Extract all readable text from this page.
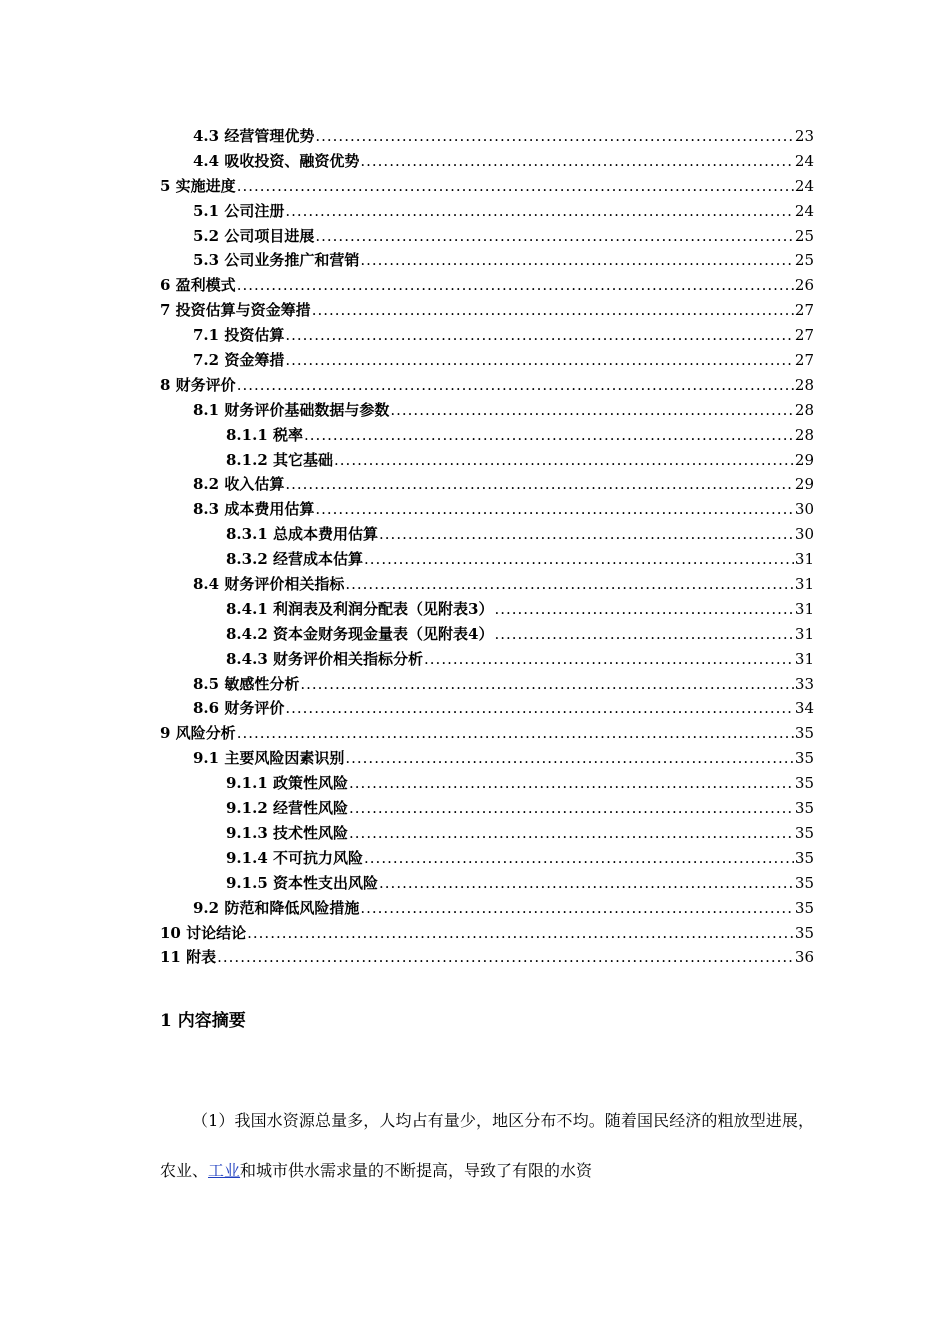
4.3 经营管理优势 .....	23
4.4 吸收投资、融资优势 .....	24
5 实施进度 .....	24
5.1 公司注册 .....	24
5.2 公司项目进展 .....	25
5.3 公司业务推广和营销 .....	25
6 盈利模式 .....	26
7 投资估算与资金筹措 .....	27
7.1 投资估算 .....	27
7.2 资金筹措 .....	27
8 财务评价 .....	28
8.1 财务评价基础数据与参数 .....	28
8.1.1 税率 .....	28
8.1.2 其它基础 .....	29
8.2 收入估算 .....	29
8.3 成本费用估算 .....	30
8.3.1 总成本费用估算 .....	30
8.3.2 经营成本估算 .....	31
8.4 财务评价相关指标 .....	31
8.4.1 利润表及利润分配表（见附表3） .....	31
8.4.2 资本金财务现金量表（见附表4） .....	31
8.4.3 财务评价相关指标分析 .....	31
8.5 敏感性分析 .....	33
8.6 财务评价 .....	34
9 风险分析 .....	35
9.1 主要风险因素识别 .....	35
9.1.1 政策性风险 .....	35
9.1.2 经营性风险 .....	35
9.1.3 技术性风险 .....	35
9.1.4 不可抗力风险 .....	35
9.1.5 资本性支出风险 .....	35
9.2 防范和降低风险措施 .....	35
10 讨论结论 .....	35
11 附表 .....	36
1 内容摘要

（1）我国水资源总量多，人均占有量少，地区分布不均。随着国民经济的粗放型进展，农业、工业和城市供水需求量的不断提高，导致了有限的水资
